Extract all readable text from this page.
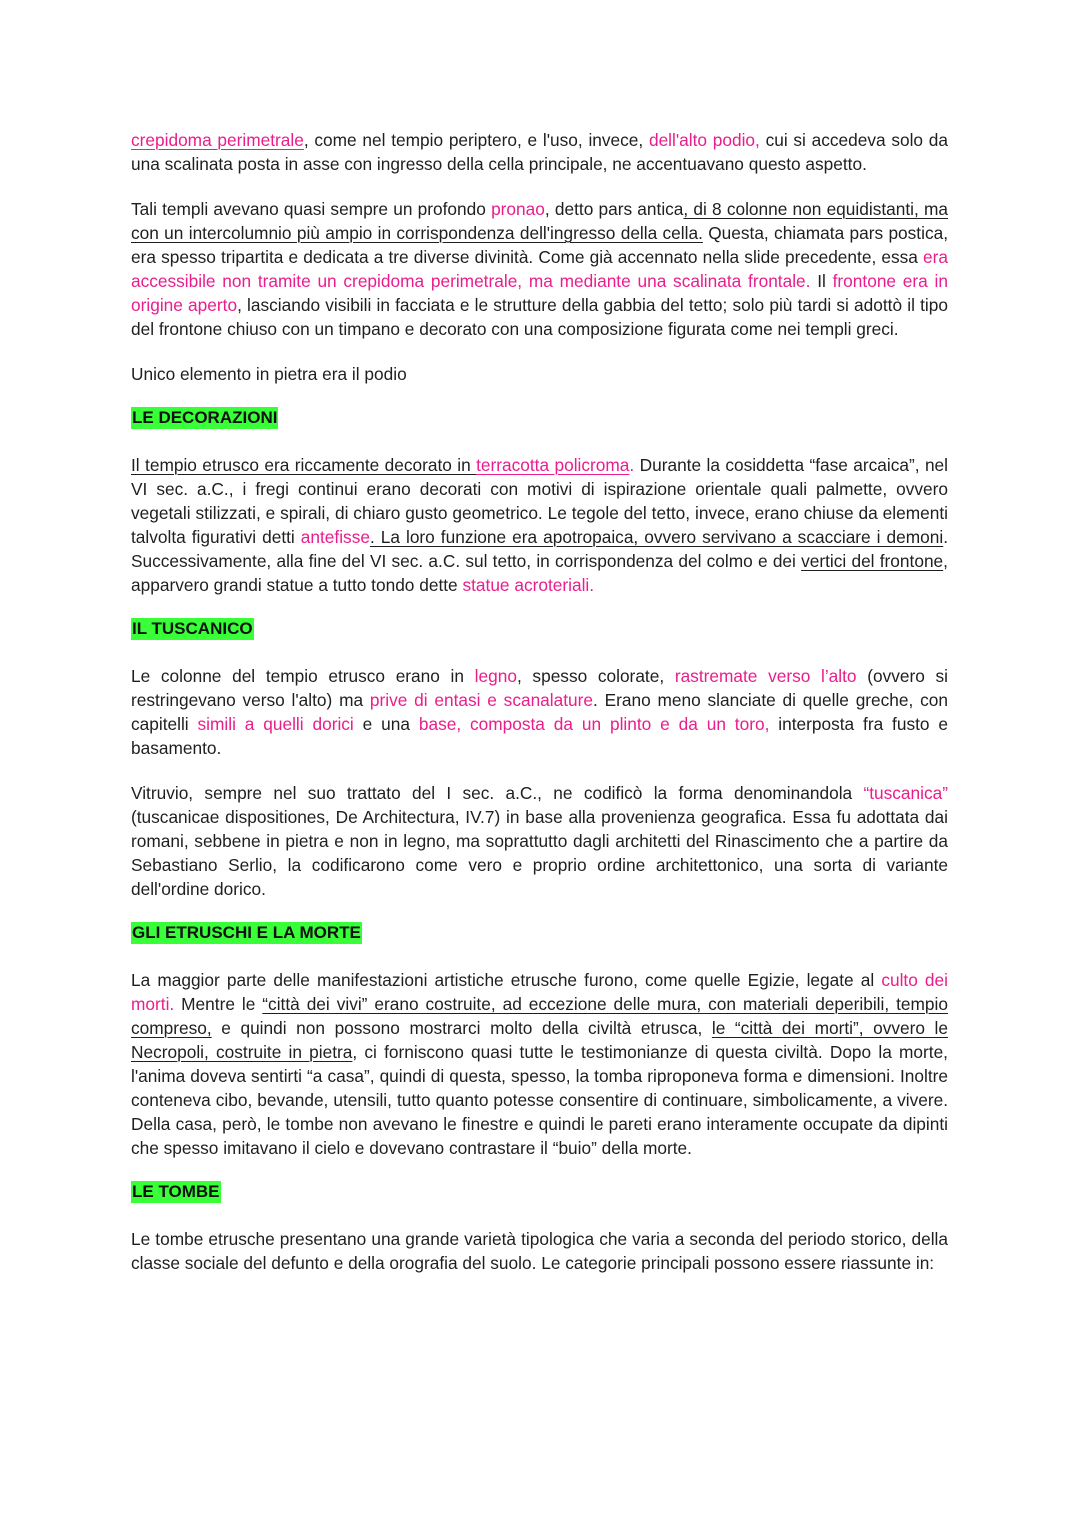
crepidoma perimetrale, come nel tempio periptero, e l'uso, invece, dell'alto podio, cui si accedeva solo da una scalinata posta in asse con ingresso della cella principale, ne accentuavano questo aspetto.

Tali templi avevano quasi sempre un profondo pronao, detto pars antica, di 8 colonne non equidistanti, ma con un intercolumnio più ampio in corrispondenza dell'ingresso della cella. Questa, chiamata pars postica, era spesso tripartita e dedicata a tre diverse divinità. Come già accennato nella slide precedente, essa era accessibile non tramite un crepidoma perimetrale, ma mediante una scalinata frontale. Il frontone era in origine aperto, lasciando visibili in facciata e le strutture della gabbia del tetto; solo più tardi si adottò il tipo del frontone chiuso con un timpano e decorato con una composizione figurata come nei templi greci.

Unico elemento in pietra era il podio

LE DECORAZIONI

Il tempio etrusco era riccamente decorato in terracotta policroma. Durante la cosiddetta “fase arcaica”, nel VI sec. a.C., i fregi continui erano decorati con motivi di ispirazione orientale quali palmette, ovvero vegetali stilizzati, e spirali, di chiaro gusto geometrico. Le tegole del tetto, invece, erano chiuse da elementi talvolta figurativi detti antefisse. La loro funzione era apotropaica, ovvero servivano a scacciare i demoni. Successivamente, alla fine del VI sec. a.C. sul tetto, in corrispondenza del colmo e dei vertici del frontone, apparvero grandi statue a tutto tondo dette statue acroteriali.

IL TUSCANICO

Le colonne del tempio etrusco erano in legno, spesso colorate, rastremate verso l’alto (ovvero si restringevano verso l'alto) ma prive di entasi e scanalature. Erano meno slanciate di quelle greche, con capitelli simili a quelli dorici e una base, composta da un plinto e da un toro, interposta fra fusto e basamento.

Vitruvio, sempre nel suo trattato del I sec. a.C., ne codificò la forma denominandola “tuscanica” (tuscanicae dispositiones, De Architectura, IV.7) in base alla provenienza geografica. Essa fu adottata dai romani, sebbene in pietra e non in legno, ma soprattutto dagli architetti del Rinascimento che a partire da Sebastiano Serlio, la codificarono come vero e proprio ordine architettonico, una sorta di variante dell'ordine dorico.

GLI ETRUSCHI E LA MORTE

La maggior parte delle manifestazioni artistiche etrusche furono, come quelle Egizie, legate al culto dei morti. Mentre le “città dei vivi” erano costruite, ad eccezione delle mura, con materiali deperibili, tempio compreso, e quindi non possono mostrarci molto della civiltà etrusca, le “città dei morti”, ovvero le Necropoli, costruite in pietra, ci forniscono quasi tutte le testimonianze di questa civiltà. Dopo la morte, l'anima doveva sentirti “a casa”, quindi di questa, spesso, la tomba riproponeva forma e dimensioni. Inoltre conteneva cibo, bevande, utensili, tutto quanto potesse consentire di continuare, simbolicamente, a vivere. Della casa, però, le tombe non avevano le finestre e quindi le pareti erano interamente occupate da dipinti che spesso imitavano il cielo e dovevano contrastare il “buio” della morte.

LE TOMBE

Le tombe etrusche presentano una grande varietà tipologica che varia a seconda del periodo storico, della classe sociale del defunto e della orografia del suolo. Le categorie principali possono essere riassunte in:
